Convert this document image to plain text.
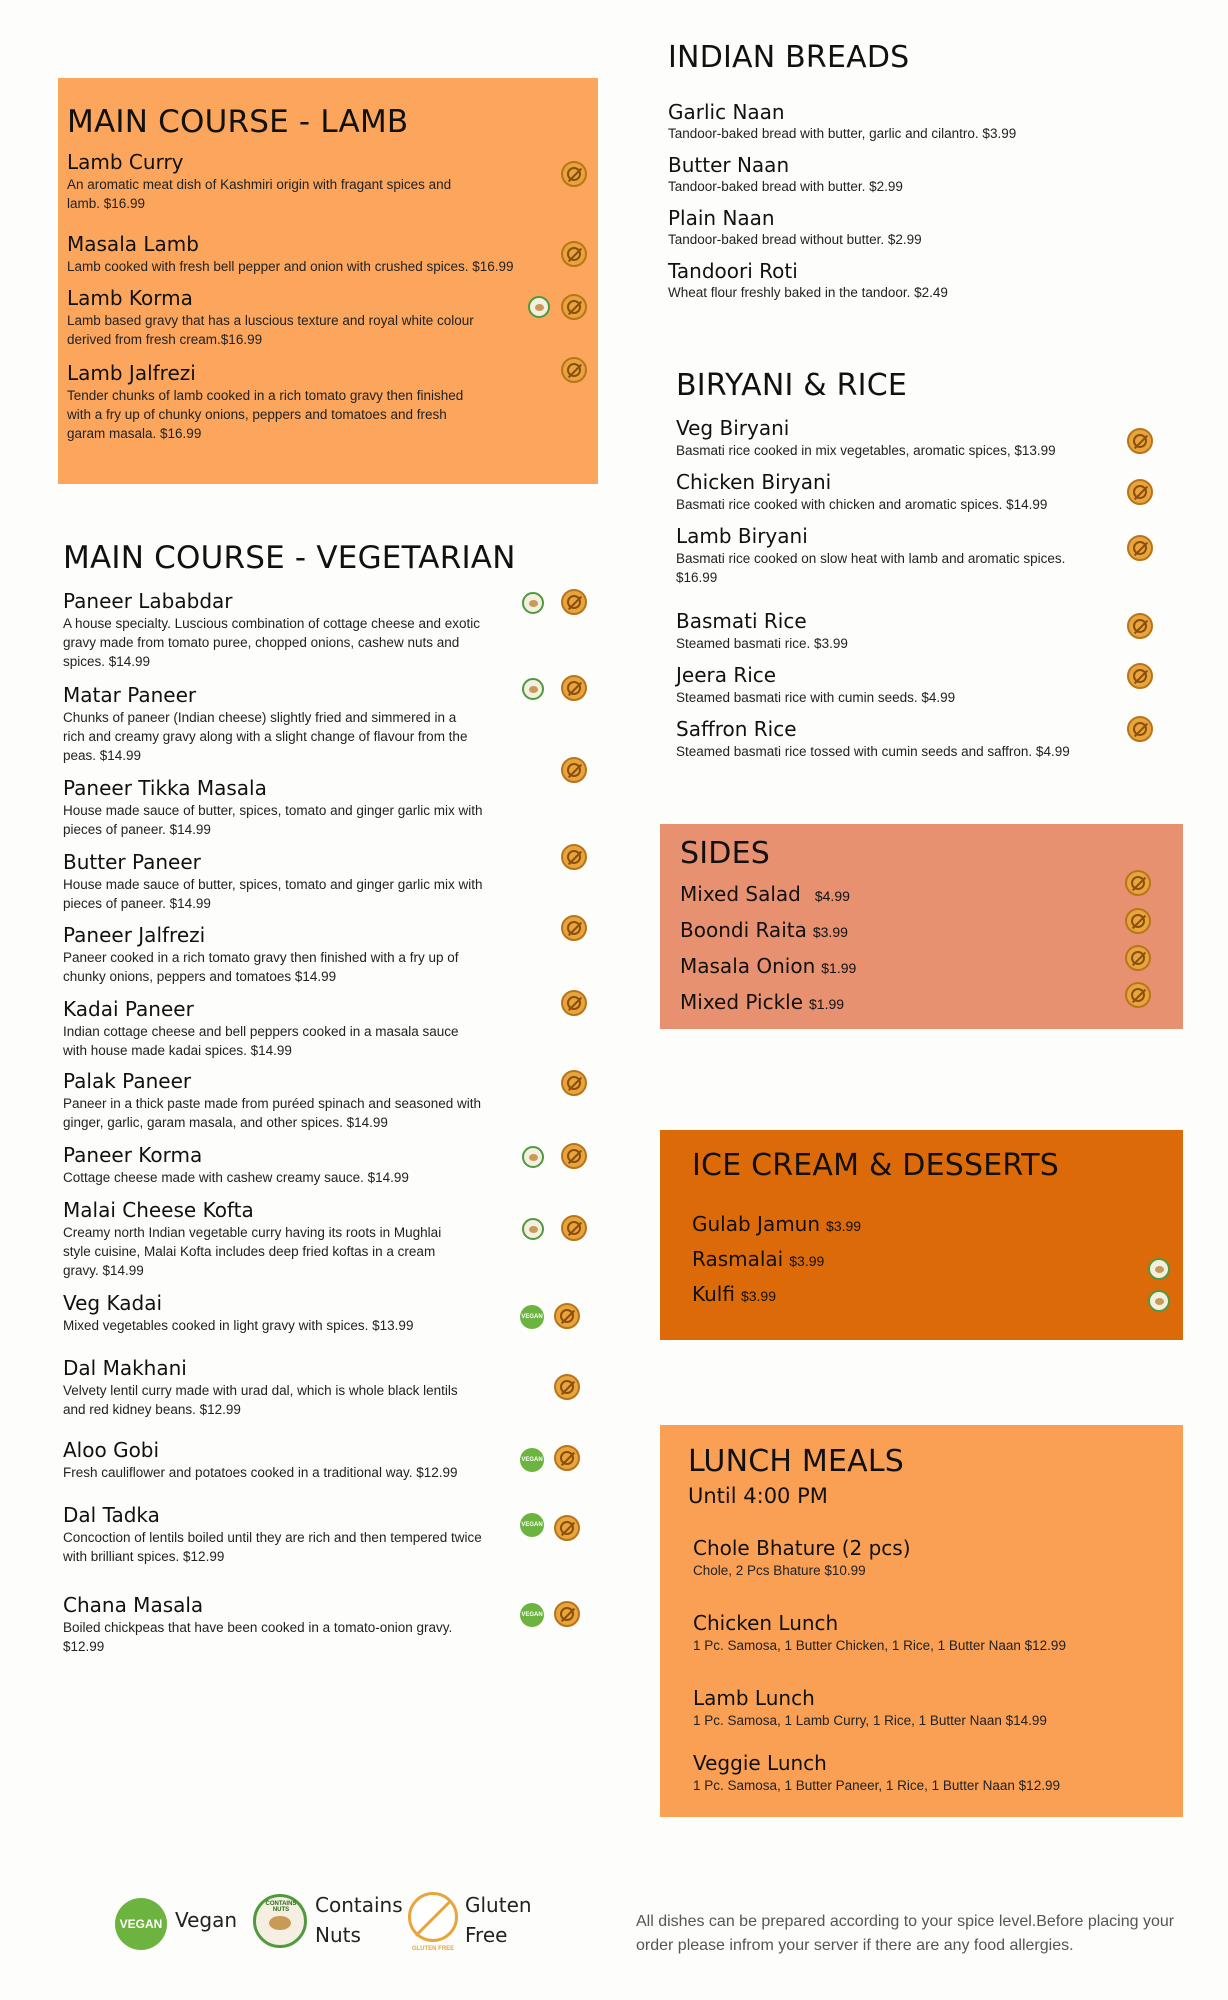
MAIN COURSE - LAMB
Lamb Curry
An aromatic meat dish of Kashmiri origin with fragant spices and lamb. $16.99
Masala Lamb
Lamb cooked with fresh bell pepper and onion with crushed spices. $16.99
Lamb Korma
Lamb based gravy that has a luscious texture and royal white colour derived from fresh cream.$16.99
Lamb Jalfrezi
Tender chunks of lamb cooked in a rich tomato gravy then finished with a fry up of chunky onions, peppers and tomatoes and fresh garam masala. $16.99
MAIN COURSE - VEGETARIAN
Paneer Lababdar
A house specialty. Luscious combination of cottage cheese and exotic gravy made from tomato puree, chopped onions, cashew nuts and spices. $14.99
Matar Paneer
Chunks of paneer (Indian cheese) slightly fried and simmered in a rich and creamy gravy along with a slight change of flavour from the peas. $14.99
Paneer Tikka Masala
House made sauce of butter, spices, tomato and ginger garlic mix with pieces of paneer. $14.99
Butter Paneer
House made sauce of butter, spices, tomato and ginger garlic mix with pieces of paneer. $14.99
Paneer Jalfrezi
Paneer cooked in a rich tomato gravy then finished with a fry up of chunky onions, peppers and tomatoes $14.99
Kadai Paneer
Indian cottage cheese and bell peppers cooked in a masala sauce with house made kadai spices. $14.99
Palak Paneer
Paneer in a thick paste made from puréed spinach and seasoned with ginger, garlic, garam masala, and other spices. $14.99
Paneer Korma
Cottage cheese made with cashew creamy sauce. $14.99
Malai Cheese Kofta
Creamy north Indian vegetable curry having its roots in Mughlai style cuisine, Malai Kofta includes deep fried koftas in a cream gravy. $14.99
Veg Kadai
Mixed vegetables cooked in light gravy with spices. $13.99
VEGAN
Dal Makhani
Velvety lentil curry made with urad dal, which is whole black lentils and red kidney beans. $12.99
Aloo Gobi
Fresh cauliflower and potatoes cooked in a traditional way. $12.99
VEGAN
Dal Tadka
Concoction of lentils boiled until they are rich and then tempered twice with brilliant spices. $12.99
VEGAN
Chana Masala
Boiled chickpeas that have been cooked in a tomato-onion gravy. $12.99
VEGAN
INDIAN BREADS
Garlic Naan
Tandoor-baked bread with butter, garlic and cilantro. $3.99
Butter Naan
Tandoor-baked bread with butter. $2.99
Plain Naan
Tandoor-baked bread without butter. $2.99
Tandoori Roti
Wheat flour freshly baked in the tandoor. $2.49
BIRYANI & RICE
Veg Biryani
Basmati rice cooked in mix vegetables, aromatic spices, $13.99
Chicken Biryani
Basmati rice cooked with chicken and aromatic spices. $14.99
Lamb Biryani
Basmati rice cooked on slow heat with lamb and aromatic spices. $16.99
Basmati Rice
Steamed basmati rice. $3.99
Jeera Rice
Steamed basmati rice with cumin seeds. $4.99
Saffron Rice
Steamed basmati rice tossed with cumin seeds and saffron. $4.99
SIDES
Mixed Salad $4.99
Boondi Raita $3.99
Masala Onion $1.99
Mixed Pickle $1.99
ICE CREAM & DESSERTS
Gulab Jamun $3.99
Rasmalai $3.99
Kulfi $3.99
LUNCH MEALS
Until 4:00 PM
Chole Bhature (2 pcs)
Chole, 2 Pcs Bhature $10.99
Chicken Lunch
1 Pc. Samosa, 1 Butter Chicken, 1 Rice, 1 Butter Naan $12.99
Lamb Lunch
1 Pc. Samosa, 1 Lamb Curry, 1 Rice, 1 Butter Naan $14.99
Veggie Lunch
1 Pc. Samosa, 1 Butter Paneer, 1 Rice, 1 Butter Naan $12.99
VEGAN Vegan
CONTAINS NUTS	Contains
Nuts
GLUTEN FREE
Gluten
Free
All dishes can be prepared according to your spice level.Before placing your order please infrom your server if there are any food allergies.
